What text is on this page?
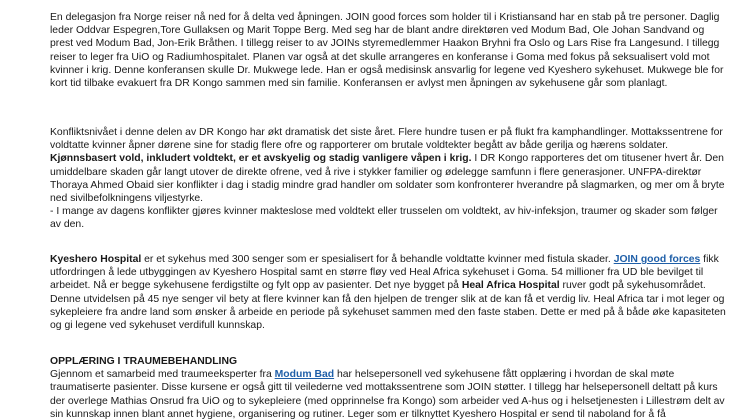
En delegasjon fra Norge reiser nå ned for å delta ved åpningen. JOIN good forces som holder til i Kristiansand har en stab på tre personer. Daglig leder Oddvar Espegren,Tore Gullaksen og Marit Toppe Berg. Med seg har de blant andre direktøren ved Modum Bad, Ole Johan Sandvand og prest ved Modum Bad, Jon-Erik Bråthen. I tillegg reiser to av JOINs styremedlemmer Haakon Bryhni fra Oslo og Lars Rise fra Langesund. I tillegg reiser to leger fra UiO og Radiumhospitalet. Planen var også at det skulle arrangeres en konferanse i Goma med fokus på seksualisert vold mot kvinner i krig. Denne konferansen skulle Dr. Mukwege lede. Han er også medisinsk ansvarlig for legene ved Kyeshero sykehuset. Mukwege ble for kort tid tilbake evakuert fra DR Kongo sammen med sin familie. Konferansen er avlyst men åpningen av sykehusene går som planlagt.

Konfliktsnivået i denne delen av DR Kongo har økt dramatisk det siste året. Flere hundre tusen er på flukt fra kamphandlinger. Mottakssentrene for voldtatte kvinner åpner dørene sine for stadig flere ofre og rapporterer om brutale voldtekter begått av både gerilja og hærens soldater. Kjønnsbasert vold, inkludert voldtekt, er et avskyelig og stadig vanligere våpen i krig. I DR Kongo rapporteres det om titusener hvert år. Den umiddelbare skaden går langt utover de direkte ofrene, ved å rive i stykker familier og ødelegge samfunn i flere generasjoner. UNFPA-direktør Thoraya Ahmed Obaid sier konflikter i dag i stadig mindre grad handler om soldater som konfronterer hverandre på slagmarken, og mer om å bryte ned sivilbefolkningens viljestyrke.
- I mange av dagens konflikter gjøres kvinner makteslose med voldtekt eller trusselen om voldtekt, av hiv-infeksjon, traumer og skader som følger av den.

Kyeshero Hospital er et sykehus med 300 senger som er spesialisert for å behandle voldtatte kvinner med fistula skader. JOIN good forces fikk utfordringen å lede utbyggingen av Kyeshero Hospital samt en større fløy ved Heal Africa sykehuset i Goma. 54 millioner fra UD ble bevilget til arbeidet. Nå er begge sykehusene ferdigstilte og fylt opp av pasienter. Det nye bygget på Heal Africa Hospital ruver godt på sykehusområdet. Denne utvidelsen på 45 nye senger vil bety at flere kvinner kan få den hjelpen de trenger slik at de kan få et verdig liv. Heal Africa tar i mot leger og sykepleiere fra andre land som ønsker å arbeide en periode på sykehuset sammen med den faste staben. Dette er med på å både øke kapasiteten og gi legene ved sykehuset verdifull kunnskap.

OPPLÆRING I TRAUMEBEHANDLING
Gjennom et samarbeid med traumeeksperter fra Modum Bad har helsepersonell ved sykehusene fått opplæring i hvordan de skal møte traumatiserte pasienter. Disse kursene er også gitt til veilederne ved mottakssentrene som JOIN støtter. I tillegg har helsepersonell deltatt på kurs der overlege Mathias Onsrud fra UiO og to sykepleiere (med opprinnelse fra Kongo) som arbeider ved A-hus og i helsetjenesten i Lillestrøm delt av sin kunnskap innen blant annet hygiene, organisering og rutiner. Leger som er tilknyttet Kyeshero Hospital er send til naboland for å få
